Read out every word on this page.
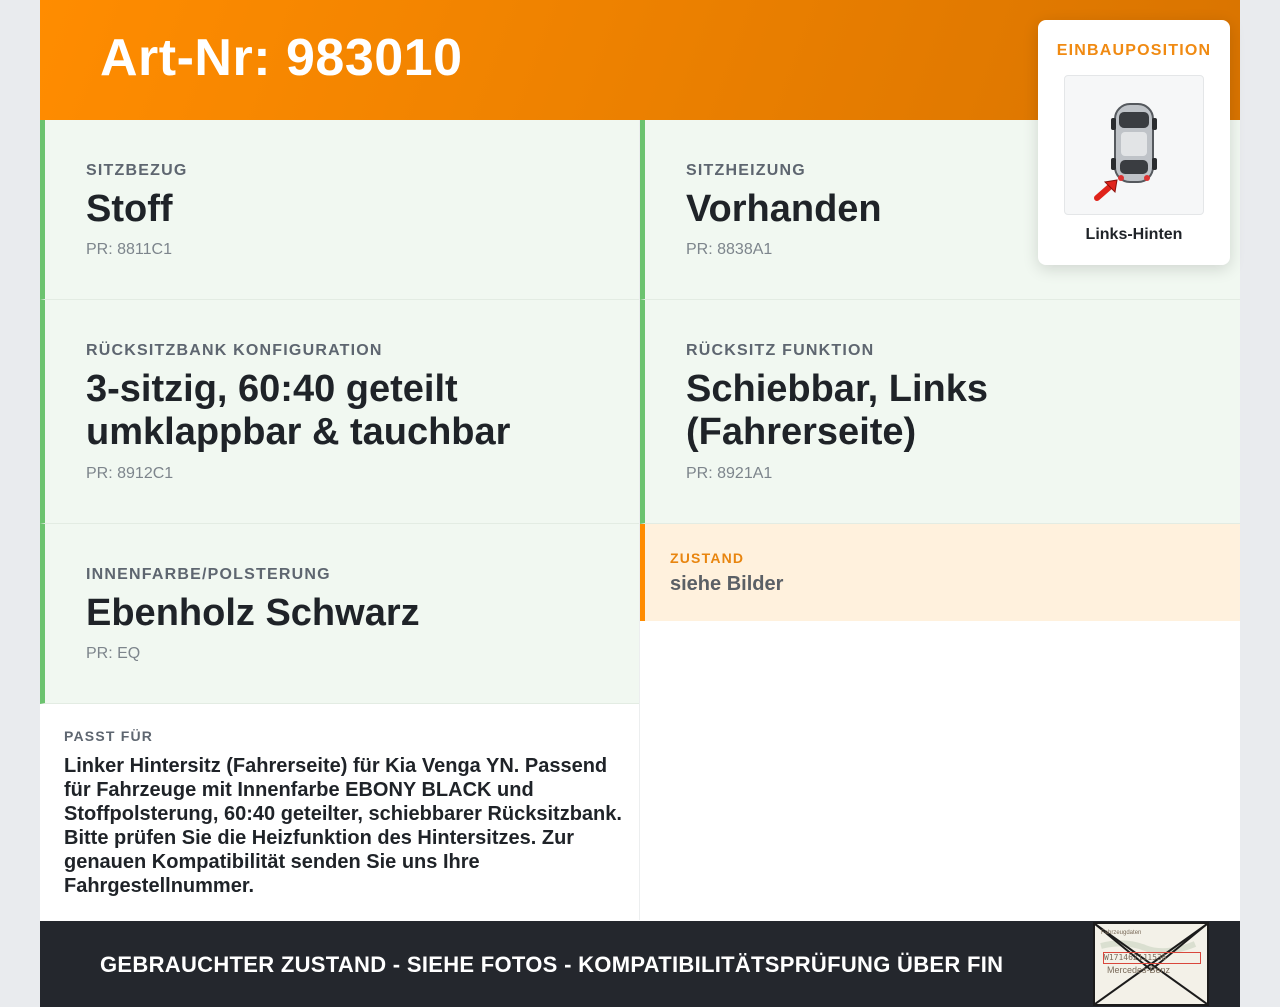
Art-Nr: 983010
SITZBEZUG
Stoff
PR: 8811C1
SITZHEIZUNG
Vorhanden
PR: 8838A1
RÜCKSITZBANK KONFIGURATION
3-sitzig, 60:40 geteilt
umklappbar & tauchbar
PR: 8912C1
RÜCKSITZ FUNKTION
Schiebbar, Links
(Fahrerseite)
PR: 8921A1
INNENFARBE/POLSTERUNG
Ebenholz Schwarz
PR: EQ
ZUSTAND
siehe Bilder
PASST FÜR
Linker Hintersitz (Fahrerseite) für Kia Venga YN. Passend für Fahrzeuge mit Innenfarbe EBONY BLACK und Stoffpolsterung, 60:40 geteilter, schiebbarer Rücksitzbank. Bitte prüfen Sie die Heizfunktion des Hintersitzes. Zur genauen Kompatibilität senden Sie uns Ihre Fahrgestellnummer.
GEBRAUCHTER ZUSTAND - SIEHE FOTOS - KOMPATIBILITÄTSPRÜFUNG ÜBER FIN
Fahrzeugdaten
W1714621J1536
Mercedes-Benz
EINBAUPOSITION
Links-Hinten
